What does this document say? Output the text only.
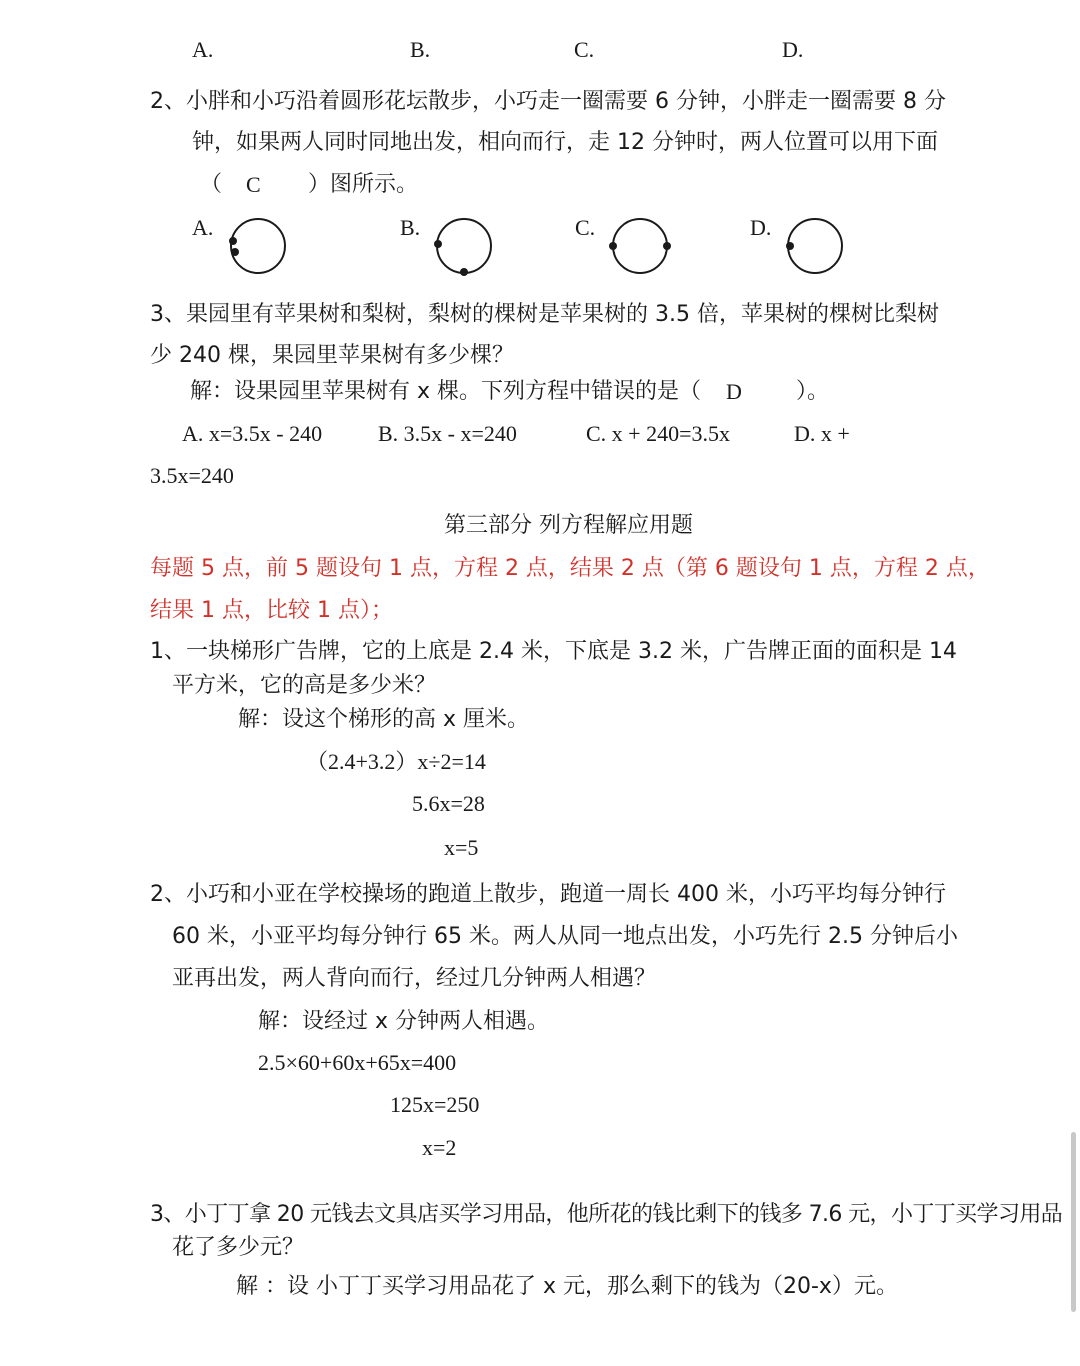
A.	B.	C.	D.
2、小胖和小巧沿着圆形花坛散步，小巧走一圈需要 6 分钟，小胖走一圈需要 8 分
钟，如果两人同时同地出发，相向而行，走 12 分钟时，两人位置可以用下面
（ C ）图所示。
A.	B.	C.	D.
3、果园里有苹果树和梨树，梨树的棵树是苹果树的 3.5 倍，苹果树的棵树比梨树
少 240 棵，果园里苹果树有多少棵？
解：设果园里苹果树有 x 棵。下列方程中错误的是（ D ）。
A. x=3.5x - 240	B. 3.5x - x=240	C. x + 240=3.5x	D. x +
3.5x=240
第三部分 列方程解应用题
每题 5 点，前 5 题设句 1 点，方程 2 点，结果 2 点（第 6 题设句 1 点，方程 2 点，
结果 1 点，比较 1 点）；
1、一块梯形广告牌，它的上底是 2.4 米，下底是 3.2 米，广告牌正面的面积是 14
平方米，它的高是多少米？
解：设这个梯形的高 x 厘米。
（2.4+3.2）x÷2=14
5.6x=28
x=5
2、小巧和小亚在学校操场的跑道上散步，跑道一周长 400 米，小巧平均每分钟行
60 米，小亚平均每分钟行 65 米。两人从同一地点出发，小巧先行 2.5 分钟后小
亚再出发，两人背向而行，经过几分钟两人相遇？
解：设经过 x 分钟两人相遇。
2.5×60+60x+65x=400
125x=250
x=2
3、小丁丁拿 20 元钱去文具店买学习用品，他所花的钱比剩下的钱多 7.6 元，小丁丁买学习用品
花了多少元？
解 ：设 小丁丁买学习用品花了 x 元，那么剩下的钱为（20-x）元。
